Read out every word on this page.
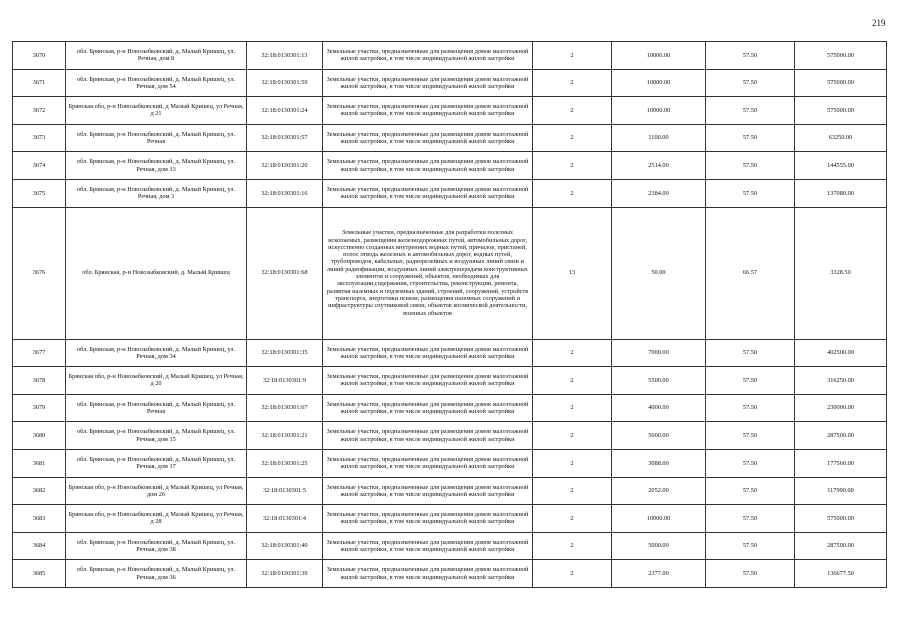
219
3670	обл. Брянская, р-н Новозыбковский, д. Малый Кришец, ул. Речная, дом 8	32:18:0130301:13	Земельные участки, предназначенные для размещения домов малоэтажной жилой застройки, в том числе индивидуальной жилой застройки	2	10000.00	57.50	575000.00
3671	обл. Брянская, р-н Новозыбковский, д. Малый Кришец, ул. Речная, дом 54	32:18:0130301:59	Земельные участки, предназначенные для размещения домов малоэтажной жилой застройки, в том числе индивидуальной жилой застройки	2	10000.00	57.50	575000.00
3672	Брянская обл, р-н Новозыбковский, д Малый Кришец, ул Речная, д 21	32:18:0130301:24	Земельные участки, предназначенные для размещения домов малоэтажной жилой застройки, в том числе индивидуальной жилой застройки	2	10000.00	57.50	575000.00
3673	обл. Брянская, р-н Новозыбковский, д. Малый Кришец, ул. Речная	32:18:0130301:57	Земельные участки, предназначенные для размещения домов малоэтажной жилой застройки, в том числе индивидуальной жилой застройки	2	1100.00	57.50	63250.00
3674	обл. Брянская, р-н Новозыбковский, д. Малый Кришец, ул. Речная, дом 13	32:18:0130301:20	Земельные участки, предназначенные для размещения домов малоэтажной жилой застройки, в том числе индивидуальной жилой застройки	2	2514.00	57.50	144555.00
3675	обл. Брянская, р-н Новозыбковский, д. Малый Кришец, ул. Речная, дом 3	32:18:0130301:16	Земельные участки, предназначенные для размещения домов малоэтажной жилой застройки, в том числе индивидуальной жилой застройки	2	2384.00	57.50	137080.00
3676	обл. Брянская, р-н Новозыбковский, д. Малый Кришец	32:18:0130301:68	Земельные участки, предназначенные для разработки полезных ископаемых, размещения железнодорожных путей, автомобильных дорог, искусственно созданных внутренних водных путей, причалов, пристаней, полос отвода железных и автомобильных дорог, водных путей, трубопроводов, кабельных, радиорелейных и воздушных линий связи и линий радиофикации, воздушных линий электропередачи конструктивных элементов и сооружений, объектов, необходимых для эксплуатации,содержания, строительства, реконструкции, ремонта, развития наземных и подземных зданий, строений, сооружений, устройств транспорта, энергетики нсвязи; размещения наземных сооружений и инфраструктуры спутниковой связи, объектов космической деятельности, военных объектов	13	50.00	66.57	3328.50
3677	обл. Брянская, р-н Новозыбковский, д. Малый Кришец, ул. Речная, дом 34	32:18:0130301:35	Земельные участки, предназначенные для размещения домов малоэтажной жилой застройки, в том числе индивидуальной жилой застройки	2	7000.00	57.50	402500.00
3678	Брянская обл, р-н Новозыбковский, д Малый Кришец, ул Речная, д 20	32:18:0130301:9	Земельные участки, предназначенные для размещения домов малоэтажной жилой застройки, в том числе индивидуальной жилой застройки	2	5500.00	57.50	316250.00
3679	обл. Брянская, р-н Новозыбковский, д. Малый Кришец, ул. Речная	32:18:0130301:67	Земельные участки, предназначенные для размещения домов малоэтажной жилой застройки, в том числе индивидуальной жилой застройки	2	4000.00	57.50	230000.00
3680	обл. Брянская, р-н Новозыбковский, д. Малый Кришец, ул. Речная, дом 15	32:18:0130301:21	Земельные участки, предназначенные для размещения домов малоэтажной жилой застройки, в том числе индивидуальной жилой застройки	2	5000.00	57.50	287500.00
3681	обл. Брянская, р-н Новозыбковский, д. Малый Кришец, ул. Речная, дом 17	32:18:0130301:25	Земельные участки, предназначенные для размещения домов малоэтажной жилой застройки, в том числе индивидуальной жилой застройки	2	3088.00	57.50	177560.00
3682	Брянская обл, р-н Новозыбковский, д Малый Кришец, ул Речная, дом 26	32:18:0130301:5	Земельные участки, предназначенные для размещения домов малоэтажной жилой застройки, в том числе индивидуальной жилой застройки	2	2052.00	57.50	117990.00
3683	Брянская обл, р-н Новозыбковский, д Малый Кришец, ул Речная, д 28	32:18:0130301:4	Земельные участки, предназначенные для размещения домов малоэтажной жилой застройки, в том числе индивидуальной жилой застройки	2	10000.00	57.50	575000.00
3684	обл. Брянская, р-н Новозыбковский, д. Малый Кришец, ул. Речная, дом 38	32:18:0130301:40	Земельные участки, предназначенные для размещения домов малоэтажной жилой застройки, в том числе индивидуальной жилой застройки	2	5000.00	57.50	287500.00
3685	обл. Брянская, р-н Новозыбковский, д. Малый Кришец, ул. Речная, дом 36	32:18:0130301:39	Земельные участки, предназначенные для размещения домов малоэтажной жилой застройки, в том числе индивидуальной жилой застройки	2	2377.00	57.50	136677.50
